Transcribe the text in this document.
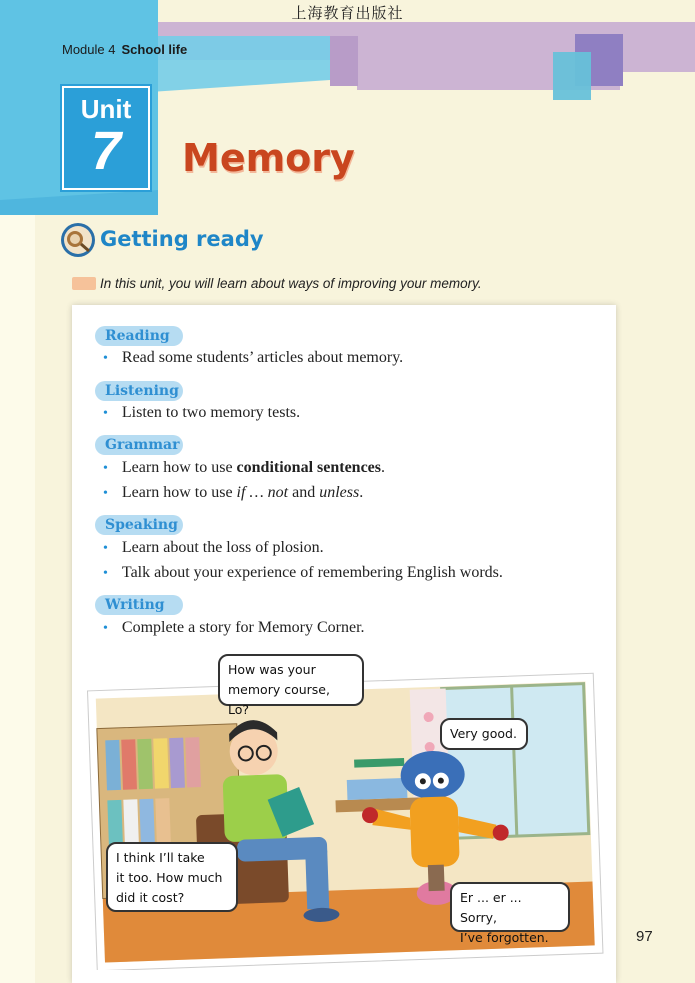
上海教育出版社
Module 4 School life
Unit
7	Memory
Getting ready
In this unit, you will learn about ways of improving your memory.
Reading
• Read some students’ articles about memory.
Listening
• Listen to two memory tests.
Grammar
• Learn how to use conditional sentences.
• Learn how to use if … not and unless.
Speaking
• Learn about the loss of plosion.
• Talk about your experience of remembering English words.
Writing
• Complete a story for Memory Corner.
How was your
memory course, Lo?
Very good.
I think I’ll take
it too. How much
did it cost?	Er ... er ... Sorry,
I’ve forgotten.	97
